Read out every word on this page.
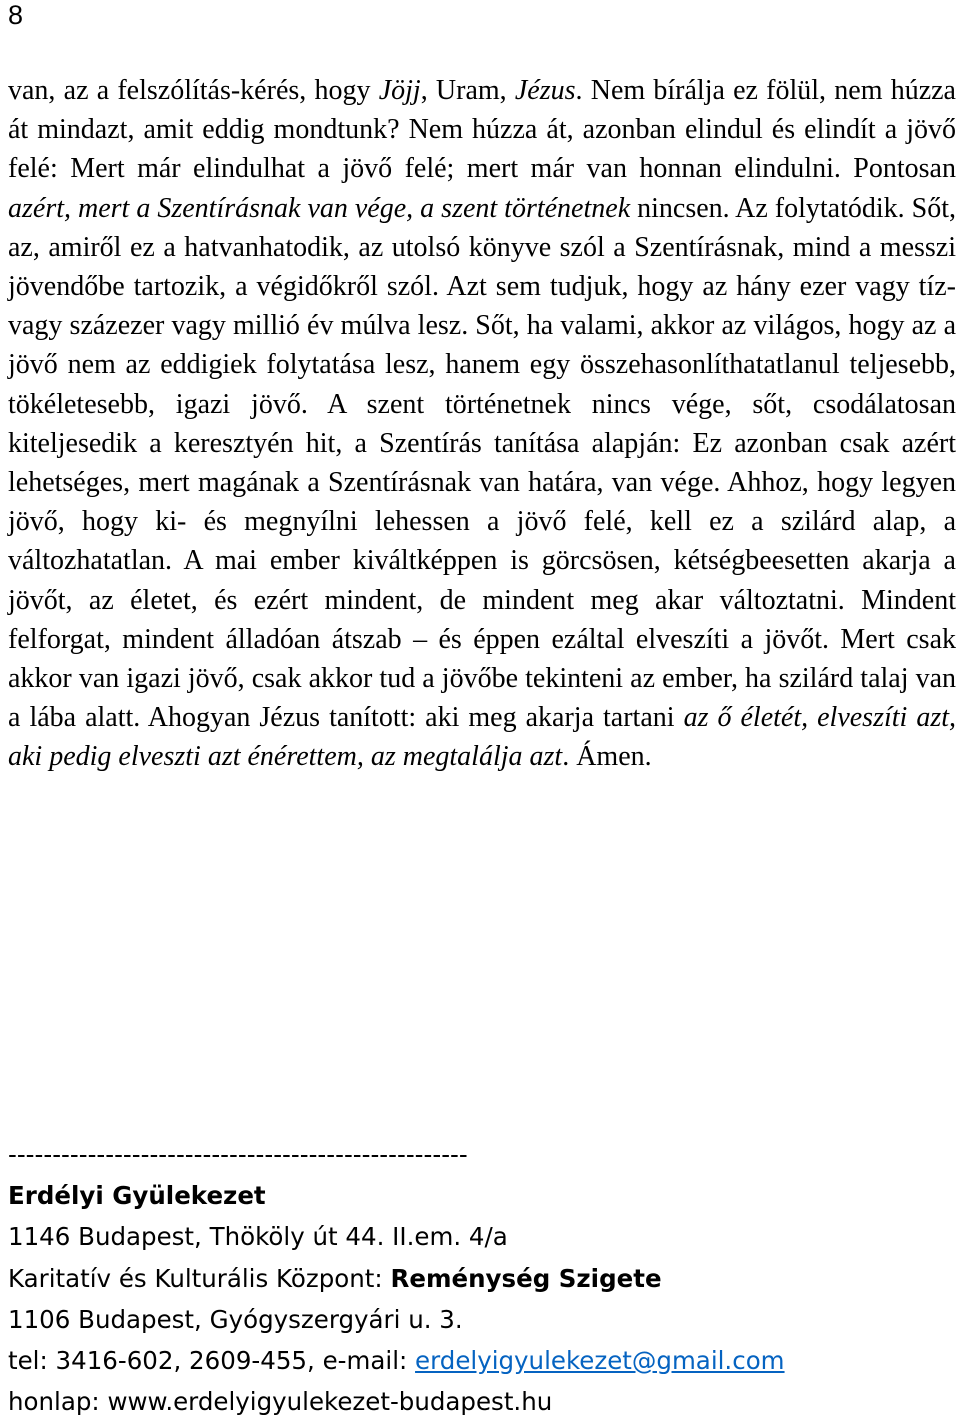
8

van, az a felszólítás-kérés, hogy Jöjj, Uram, Jézus. Nem bírálja ez fölül, nem húzza át mindazt, amit eddig mondtunk? Nem húzza át, azonban elindul és elindít a jövő felé: Mert már elindulhat a jövő felé; mert már van honnan elindulni. Pontosan azért, mert a Szentírásnak van vége, a szent történetnek nincsen. Az folytatódik. Sőt, az, amiről ez a hatvanhatodik, az utolsó könyve szól a Szentírásnak, mind a messzi jövendőbe tartozik, a végidőkről szól. Azt sem tudjuk, hogy az hány ezer vagy tíz- vagy százezer vagy millió év múlva lesz. Sőt, ha valami, akkor az világos, hogy az a jövő nem az eddigiek folytatása lesz, hanem egy összehasonlíthatatlanul teljesebb, tökéletesebb, igazi jövő. A szent történetnek nincs vége, sőt, csodálatosan kiteljesedik a keresztyén hit, a Szentírás tanítása alapján: Ez azonban csak azért lehetséges, mert magának a Szentírásnak van határa, van vége. Ahhoz, hogy legyen jövő, hogy ki- és megnyílni lehessen a jövő felé, kell ez a szilárd alap, a változhatatlan. A mai ember kiváltképpen is görcsösen, kétségbeesetten akarja a jövőt, az életet, és ezért mindent, de mindent meg akar változtatni. Mindent felforgat, mindent álladóan átszab – és éppen ezáltal elveszíti a jövőt. Mert csak akkor van igazi jövő, csak akkor tud a jövőbe tekinteni az ember, ha szilárd talaj van a lába alatt. Ahogyan Jézus tanított: aki meg akarja tartani az ő életét, elveszíti azt, aki pedig elveszti azt énérettem, az megtalálja azt. Ámen.

----------------------------------------------------
Erdélyi Gyülekezet
1146 Budapest, Thököly út 44. II.em. 4/a
Karitatív és Kulturális Központ: Reménység Szigete
1106 Budapest, Gyógyszergyári u. 3.
tel: 3416-602, 2609-455, e-mail: erdelyigyulekezet@gmail.com
honlap: www.erdelyigyulekezet-budapest.hu
